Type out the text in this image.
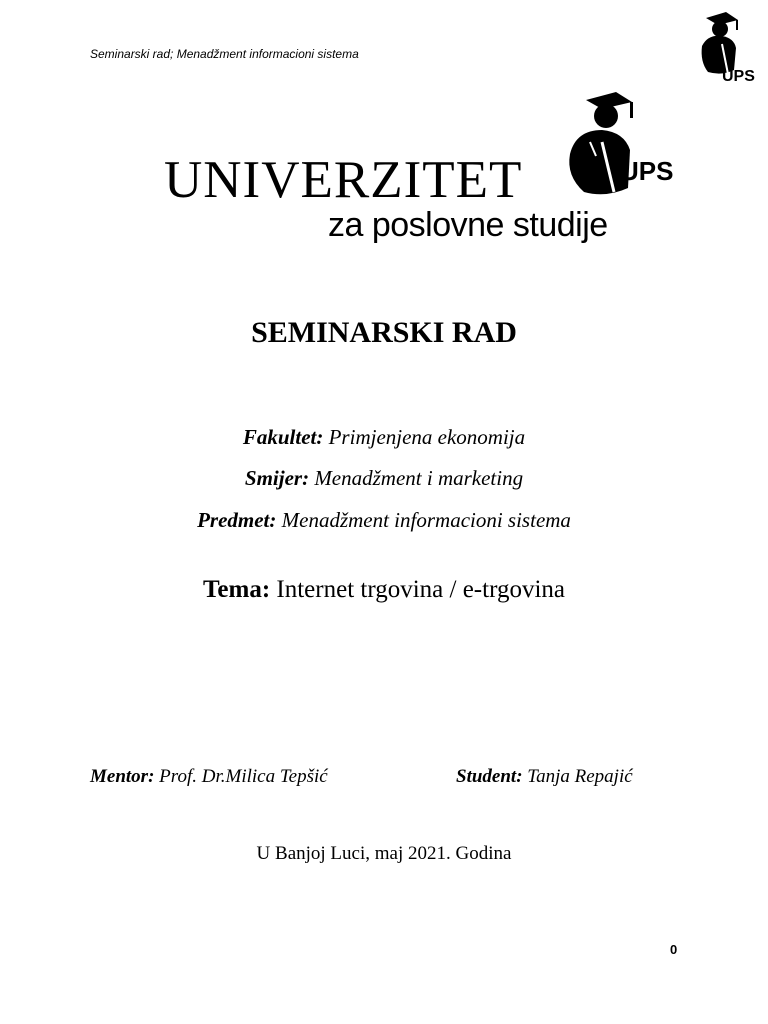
Seminarski rad; Menadžment informacioni sistema
UPS
UNIVERZITET
za poslovne studije
UPS
SEMINARSKI RAD
Fakultet: Primjenjena ekonomija
Smijer: Menadžment i marketing
Predmet: Menadžment informacioni sistema
Tema: Internet trgovina / e-trgovina
Mentor: Prof. Dr.Milica Tepšić	Student: Tanja Repajić
U Banjoj Luci, maj 2021. Godina
0
